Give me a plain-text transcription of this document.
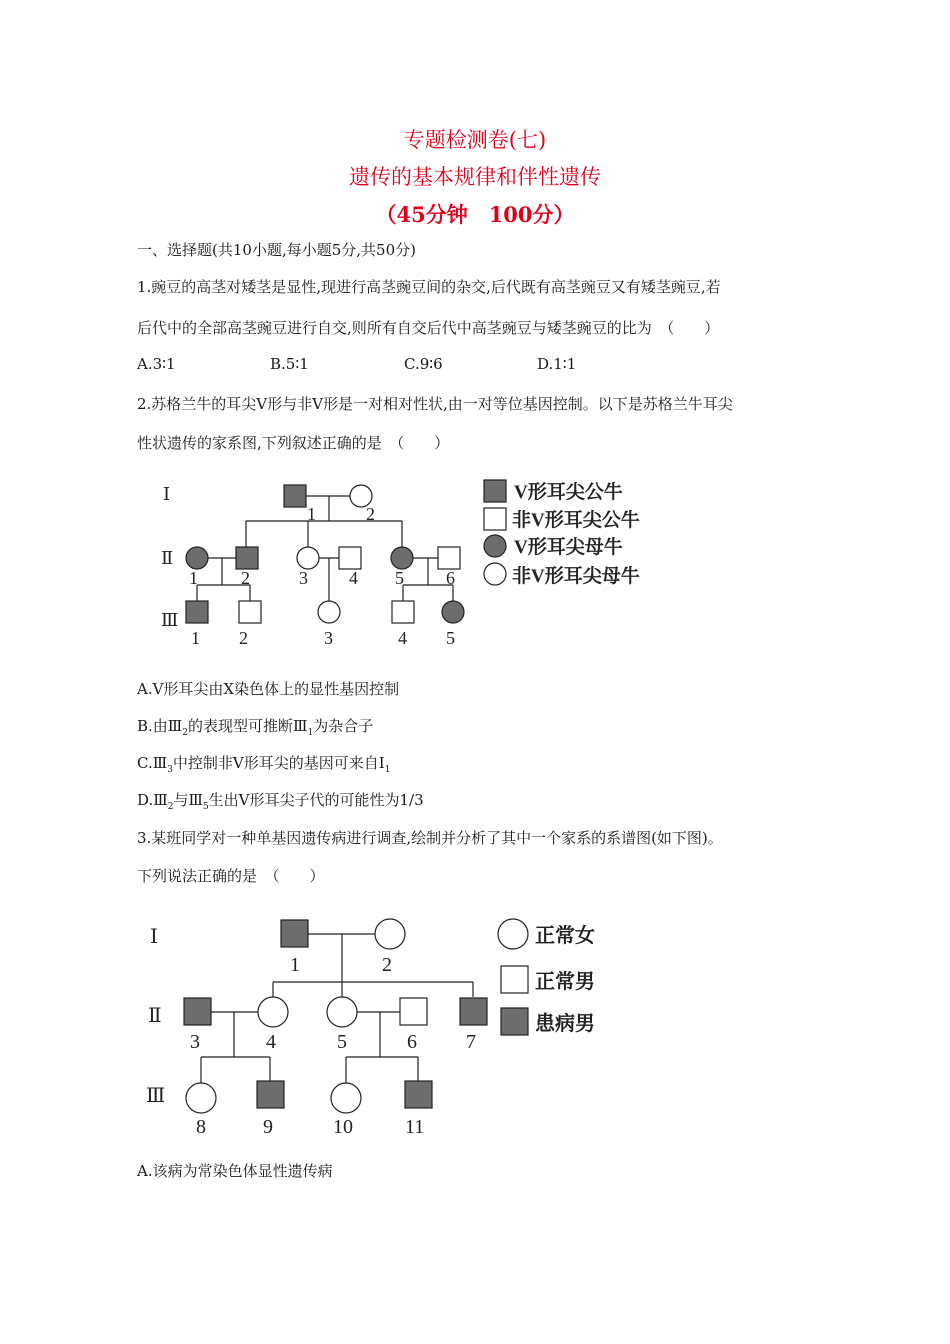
专题检测卷(七)
遗传的基本规律和伴性遗传
（45分钟　100分）
一、选择题(共10小题,每小题5分,共50分)
1.豌豆的高茎对矮茎是显性,现进行高茎豌豆间的杂交,后代既有高茎豌豆又有矮茎豌豆,若
后代中的全部高茎豌豆进行自交,则所有自交后代中高茎豌豆与矮茎豌豆的比为　（　　）
A.3∶1	B.5∶1	C.9∶6	D.1∶1
2.苏格兰牛的耳尖V形与非V形是一对相对性状,由一对等位基因控制。以下是苏格兰牛耳尖
性状遗传的家系图,下列叙述正确的是　（　　）
Ⅰ
Ⅱ
Ⅲ
1	2
1 2	3 4 5 6
1 2	3	4 5
V形耳尖公牛
非V形耳尖公牛
V形耳尖母牛
非V形耳尖母牛
A.V形耳尖由X染色体上的显性基因控制
B.由$Ⅲ_2$的表现型可推断$Ⅲ_1$为杂合子
$C.Ⅲ_3$中控制非V形耳尖的基因可来自$Ⅰ_1$
$D.Ⅲ_2$与$Ⅲ_5$生出V形耳尖子代的可能性为1/3
3.某班同学对一种单基因遗传病进行调查,绘制并分析了其中一个家系的系谱图(如下图)。
下列说法正确的是　（　　）
Ⅰ
Ⅱ
Ⅲ
1	2
3	4	5	6 7
8	9	10	11
正常女
正常男
患病男
A.该病为常染色体显性遗传病
